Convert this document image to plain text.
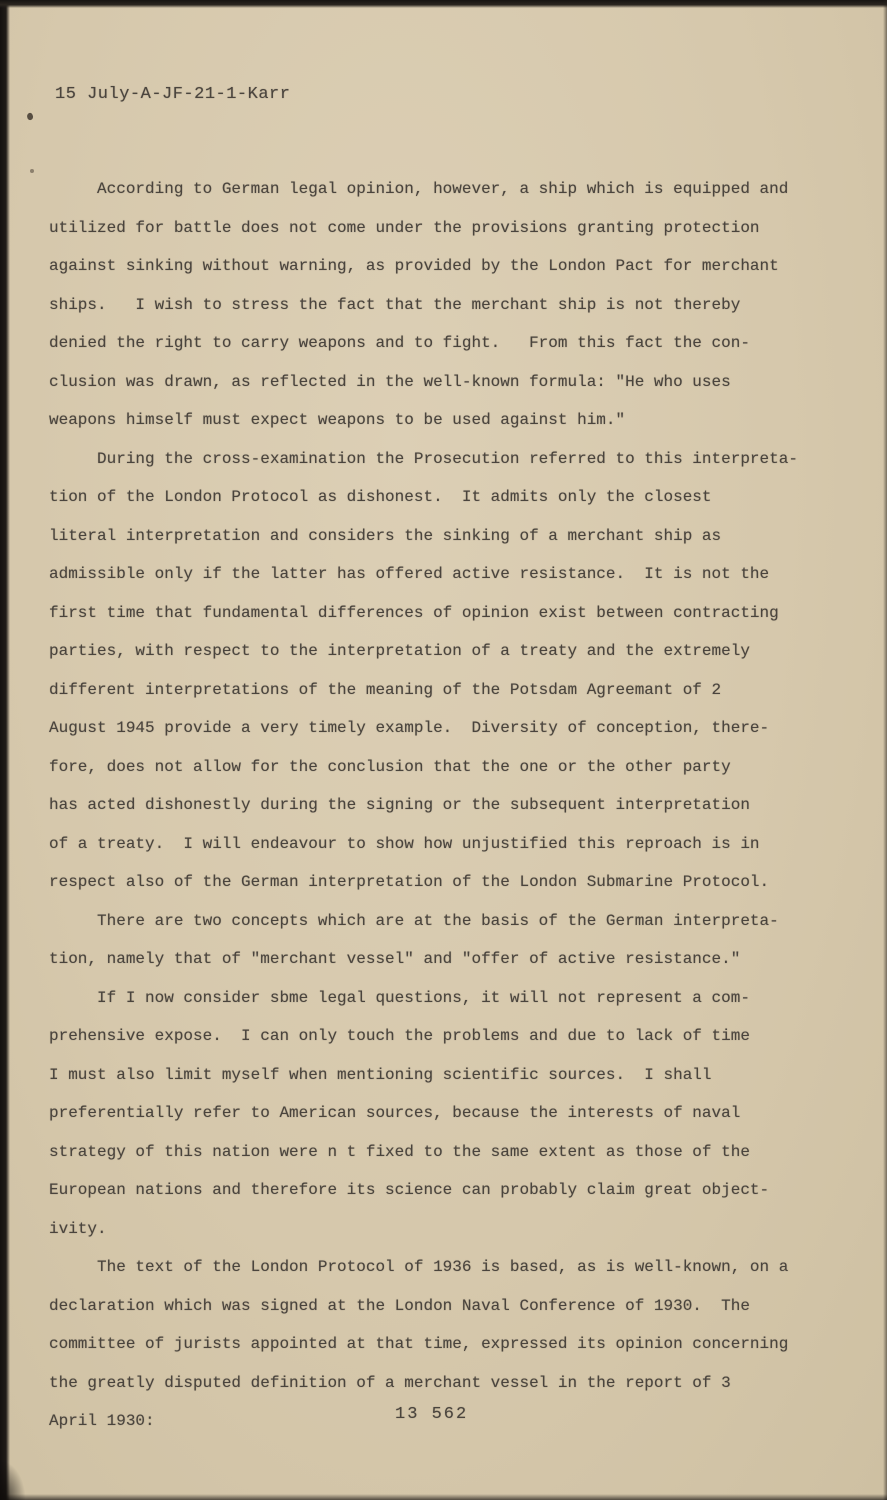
15 July-A-JF-21-1-Karr
According to German legal opinion, however, a ship which is equipped and
utilized for battle does not come under the provisions granting protection
against sinking without warning, as provided by the London Pact for merchant
ships.   I wish to stress the fact that the merchant ship is not thereby
denied the right to carry weapons and to fight.   From this fact the con-
clusion was drawn, as reflected in the well-known formula: "He who uses
weapons himself must expect weapons to be used against him."
During the cross-examination the Prosecution referred to this interpreta-
tion of the London Protocol as dishonest.  It admits only the closest
literal interpretation and considers the sinking of a merchant ship as
admissible only if the latter has offered active resistance.  It is not the
first time that fundamental differences of opinion exist between contracting
parties, with respect to the interpretation of a treaty and the extremely
different interpretations of the meaning of the Potsdam Agreemant of 2
August 1945 provide a very timely example.  Diversity of conception, there-
fore, does not allow for the conclusion that the one or the other party
has acted dishonestly during the signing or the subsequent interpretation
of a treaty.  I will endeavour to show how unjustified this reproach is in
respect also of the German interpretation of the London Submarine Protocol.
There are two concepts which are at the basis of the German interpreta-
tion, namely that of "merchant vessel" and "offer of active resistance."
If I now consider sbme legal questions, it will not represent a com-
prehensive expose.  I can only touch the problems and due to lack of time
I must also limit myself when mentioning scientific sources.  I shall
preferentially refer to American sources, because the interests of naval
strategy of this nation were n t fixed to the same extent as those of the
European nations and therefore its science can probably claim great object-
ivity.
The text of the London Protocol of 1936 is based, as is well-known, on a
declaration which was signed at the London Naval Conference of 1930.  The
committee of jurists appointed at that time, expressed its opinion concerning
the greatly disputed definition of a merchant vessel in the report of 3
April 1930:	13 562
